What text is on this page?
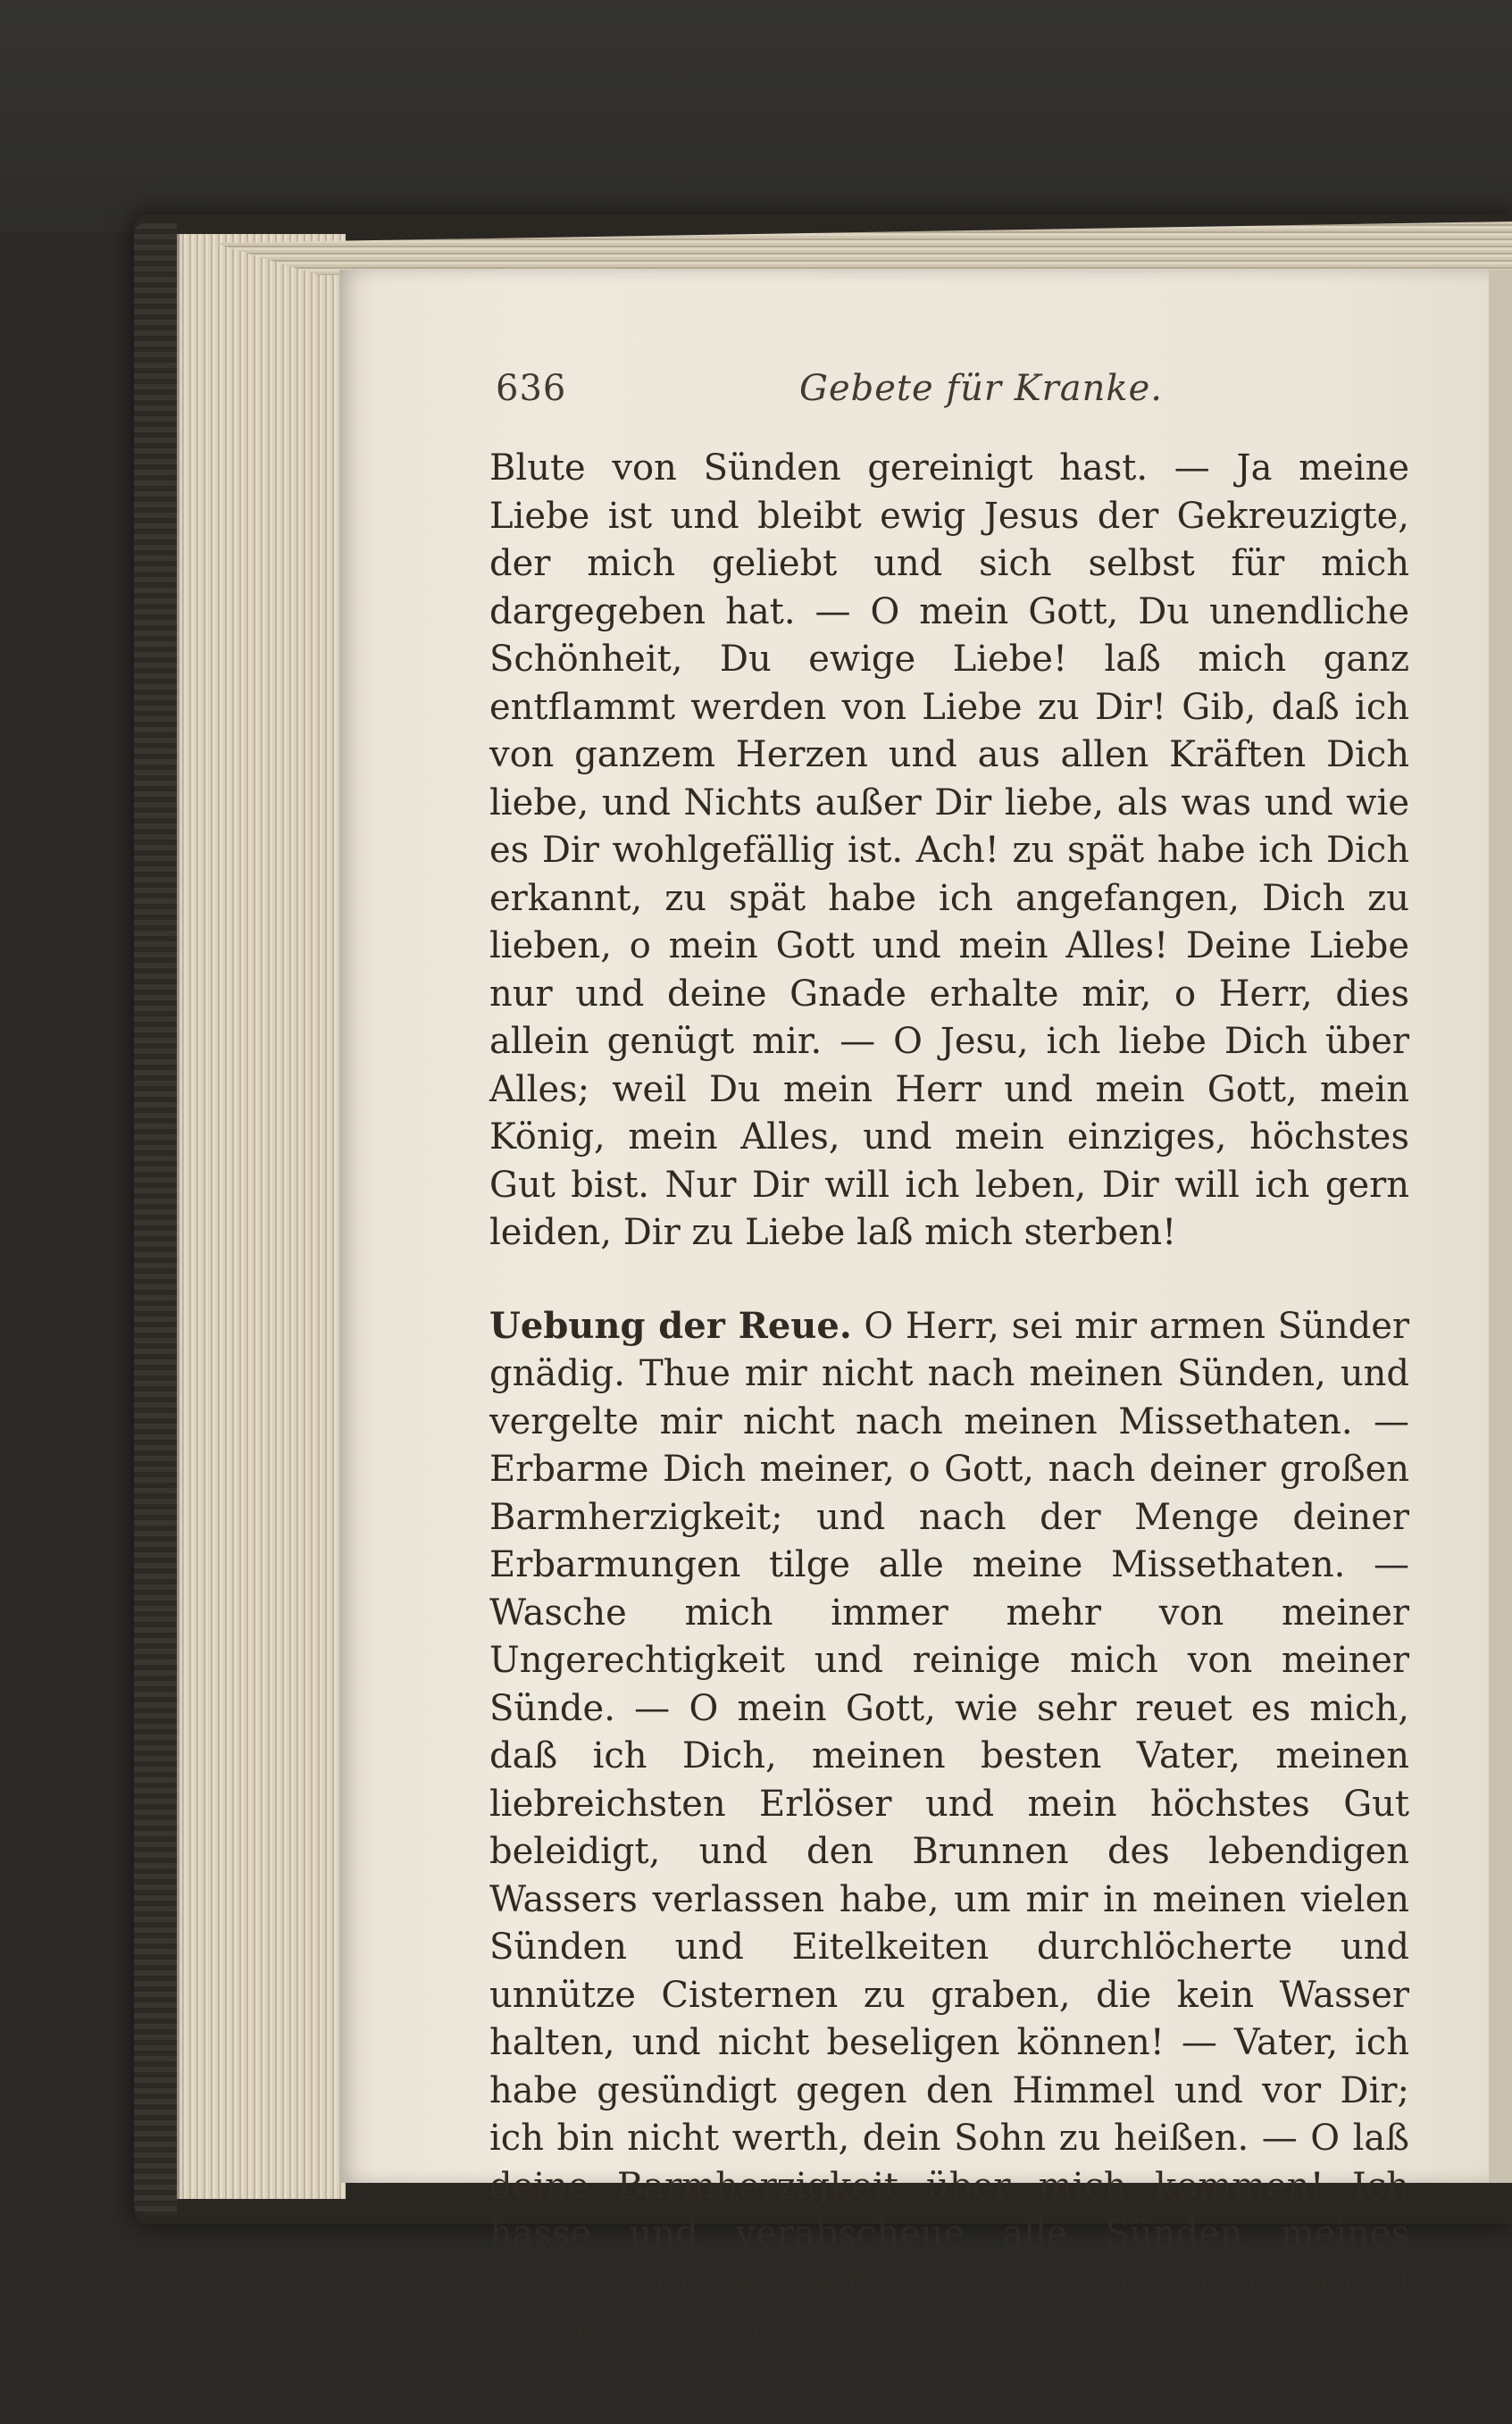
636	Gebete für Kranke.

Blute von Sünden gereinigt hast. — Ja meine Liebe ist und bleibt ewig Jesus der Gekreuzigte, der mich geliebt und sich selbst für mich dargegeben hat. — O mein Gott, Du unendliche Schönheit, Du ewige Liebe! laß mich ganz entflammt werden von Liebe zu Dir! Gib, daß ich von ganzem Herzen und aus allen Kräften Dich liebe, und Nichts außer Dir liebe, als was und wie es Dir wohlgefällig ist. Ach! zu spät habe ich Dich erkannt, zu spät habe ich angefangen, Dich zu lieben, o mein Gott und mein Alles! Deine Liebe nur und deine Gnade erhalte mir, o Herr, dies allein genügt mir. — O Jesu, ich liebe Dich über Alles; weil Du mein Herr und mein Gott, mein König, mein Alles, und mein einziges, höchstes Gut bist. Nur Dir will ich leben, Dir will ich gern leiden, Dir zu Liebe laß mich sterben!

Uebung der Reue. O Herr, sei mir armen Sünder gnädig. Thue mir nicht nach meinen Sünden, und vergelte mir nicht nach meinen Missethaten. — Erbarme Dich meiner, o Gott, nach deiner großen Barmherzigkeit; und nach der Menge deiner Erbarmungen tilge alle meine Missethaten. — Wasche mich immer mehr von meiner Ungerechtigkeit und reinige mich von meiner Sünde. — O mein Gott, wie sehr reuet es mich, daß ich Dich, meinen besten Vater, meinen liebreichsten Erlöser und mein höchstes Gut beleidigt, und den Brunnen des lebendigen Wassers verlassen habe, um mir in meinen vielen Sünden und Eitelkeiten durchlöcherte und unnütze Cisternen zu graben, die kein Wasser halten, und nicht beseligen können! — Vater, ich habe gesündigt gegen den Himmel und vor Dir; ich bin nicht werth, dein Sohn zu heißen. — O laß deine Barmherzigkeit über mich kommen! Ich hasse und verabscheue alle Sünden meines Lebens, und will lieber Alles leiden, ja tausendmal sterben, als Dich,
